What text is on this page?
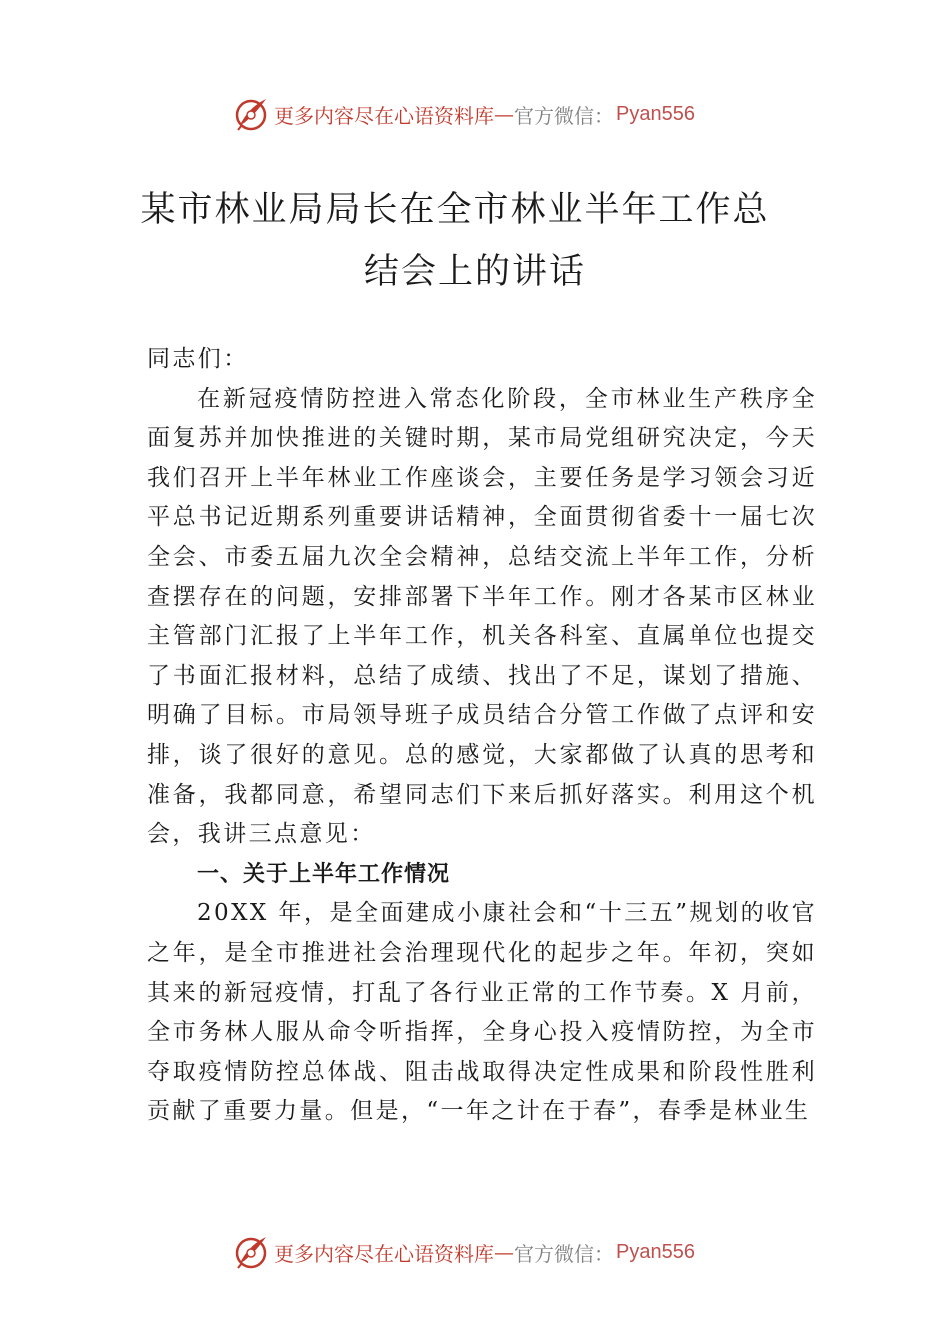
更多内容尽在心语资料库 — 官方微信： Pyan556
某市林业局局长在全市林业半年工作总
结会上的讲话

同志们：

在新冠疫情防控进入常态化阶段，全市林业生产秩序全面复苏并加快推进的关键时期，某市局党组研究决定，今天我们召开上半年林业工作座谈会，主要任务是学习领会习近平总书记近期系列重要讲话精神，全面贯彻省委十一届七次全会、市委五届九次全会精神，总结交流上半年工作，分析查摆存在的问题，安排部署下半年工作。刚才各某市区林业主管部门汇报了上半年工作，机关各科室、直属单位也提交了书面汇报材料，总结了成绩、找出了不足，谋划了措施、 明确了目标。市局领导班子成员结合分管工作做了点评和安排，谈了很好的意见。总的感觉，大家都做了认真的思考和准备，我都同意，希望同志们下来后抓好落实。利用这个机会，我讲三点意见：

一、关于上半年工作情况

20XX 年，是全面建成小康社会和“十三五”规划的收官之年，是全市推进社会治理现代化的起步之年。年初，突如其来的新冠疫情，打乱了各行业正常的工作节奏。X 月前， 全市务林人服从命令听指挥，全身心投入疫情防控，为全市夺取疫情防控总体战、阻击战取得决定性成果和阶段性胜利贡献了重要力量。但是，“一年之计在于春”，春季是林业生

更多内容尽在心语资料库 — 官方微信： Pyan556
